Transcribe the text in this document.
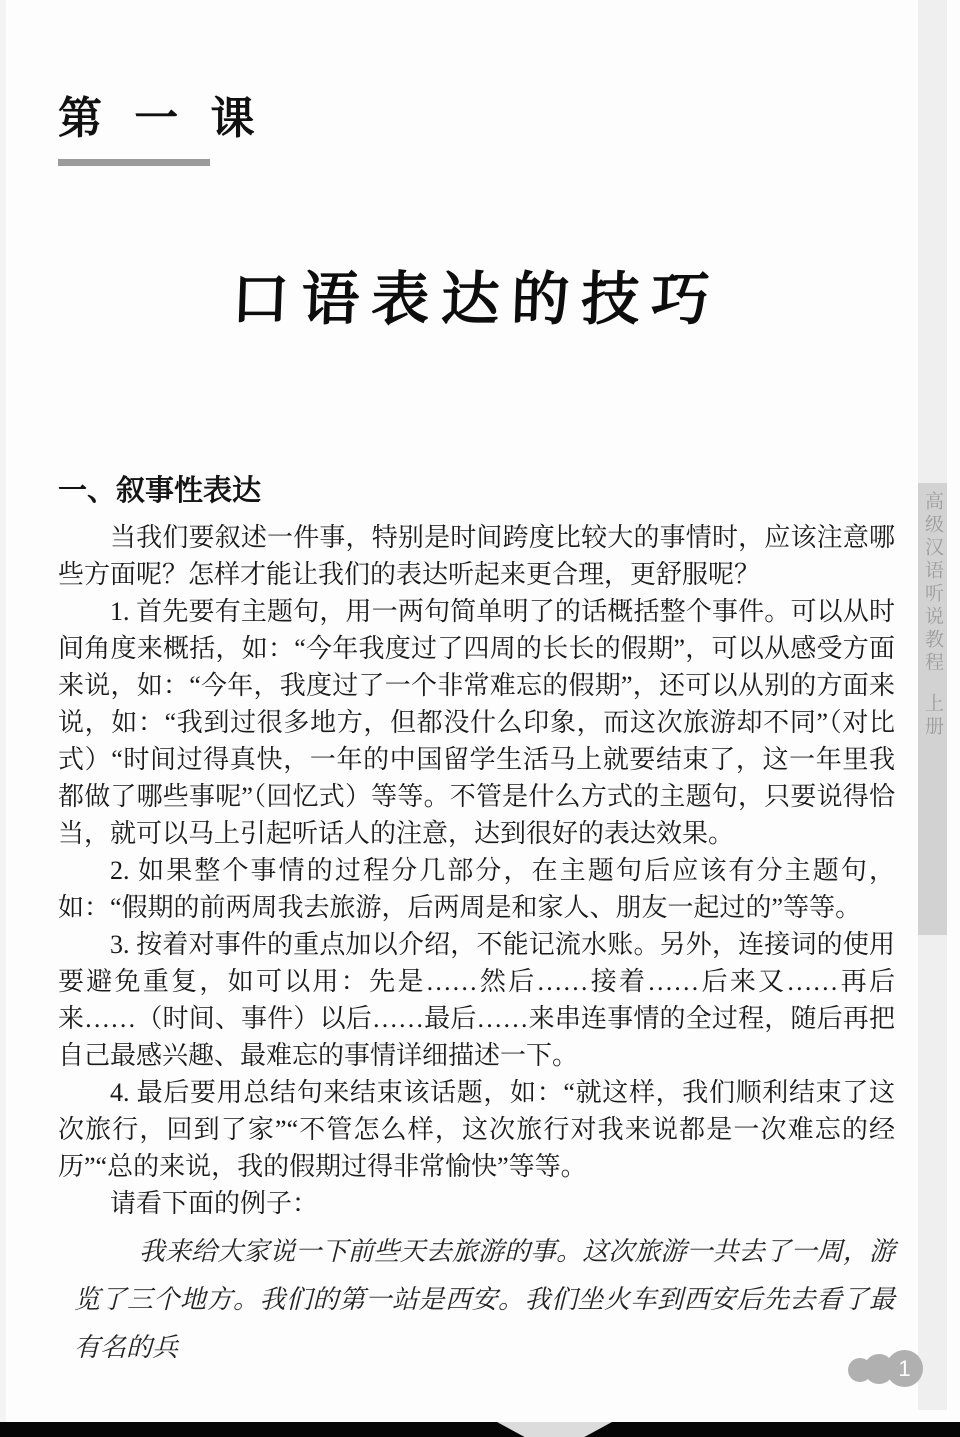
第 一 课
口语表达的技巧
一、叙事性表达

当我们要叙述一件事，特别是时间跨度比较大的事情时，应该注意哪些方面呢？怎样才能让我们的表达听起来更合理，更舒服呢？

1. 首先要有主题句，用一两句简单明了的话概括整个事件。可以从时间角度来概括，如：“今年我度过了四周的长长的假期”，可以从感受方面来说，如：“今年，我度过了一个非常难忘的假期”，还可以从别的方面来说，如：“我到过很多地方，但都没什么印象，而这次旅游却不同”（对比式）“时间过得真快，一年的中国留学生活马上就要结束了，这一年里我都做了哪些事呢”（回忆式）等等。不管是什么方式的主题句，只要说得恰当，就可以马上引起听话人的注意，达到很好的表达效果。

2. 如果整个事情的过程分几部分，在主题句后应该有分主题句，如：“假期的前两周我去旅游，后两周是和家人、朋友一起过的”等等。

3. 按着对事件的重点加以介绍，不能记流水账。另外，连接词的使用要避免重复，如可以用：先是……然后……接着……后来又……再后来……（时间、事件）以后……最后……来串连事情的全过程，随后再把自己最感兴趣、最难忘的事情详细描述一下。

4. 最后要用总结句来结束该话题，如：“就这样，我们顺利结束了这次旅行，回到了家”“不管怎么样，这次旅行对我来说都是一次难忘的经历”“总的来说，我的假期过得非常愉快”等等。

请看下面的例子：

我来给大家说一下前些天去旅游的事。这次旅游一共去了一周，游览了三个地方。我们的第一站是西安。我们坐火车到西安后先去看了最有名的兵

高级汉语听说教程
上册
1
